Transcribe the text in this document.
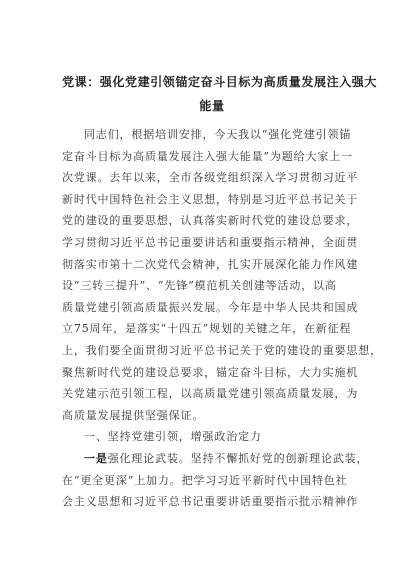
党课：强化党建引领锚定奋斗目标为高质量发展注入强大
能量
同志们，根据培训安排，今天我以“强化党建引领锚
定奋斗目标为高质量发展注入强大能量”为题给大家上一
次党课。去年以来，全市各级党组织深入学习贯彻习近平
新时代中国特色社会主义思想，特别是习近平总书记关于
党的建设的重要思想，认真落实新时代党的建设总要求，
学习贯彻习近平总书记重要讲话和重要指示精神，全面贯
彻落实市第十二次党代会精神，扎实开展深化能力作风建
设“三转三提升”、“先锋”模范机关创建等活动，以高
质量党建引领高质量振兴发展。今年是中华人民共和国成
立75周年，是落实“十四五”规划的关键之年，在新征程
上，我们要全面贯彻习近平总书记关于党的建设的重要思想，
聚焦新时代党的建设总要求，锚定奋斗目标，大力实施机
关党建示范引领工程，以高质量党建引领高质量发展，为
高质量发展提供坚强保证。
一、坚持党建引领，增强政治定力
一是强化理论武装。坚持不懈抓好党的创新理论武装，
在“更全更深”上加力。把学习习近平新时代中国特色社
会主义思想和习近平总书记重要讲话重要指示批示精神作
